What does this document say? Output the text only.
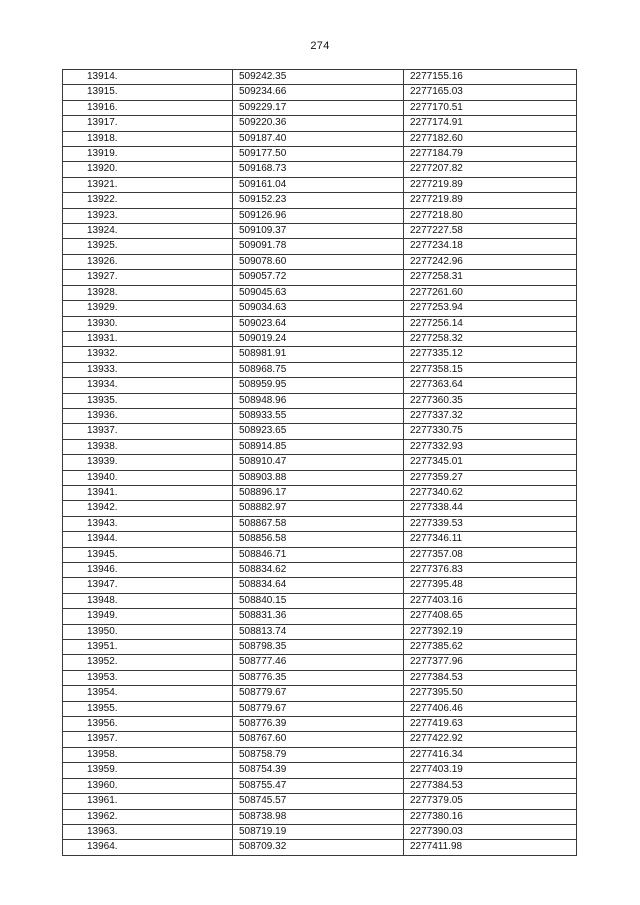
274
13914.	509242.35	2277155.16
13915.	509234.66	2277165.03
13916.	509229.17	2277170.51
13917.	509220.36	2277174.91
13918.	509187.40	2277182.60
13919.	509177.50	2277184.79
13920.	509168.73	2277207.82
13921.	509161.04	2277219.89
13922.	509152.23	2277219.89
13923.	509126.96	2277218.80
13924.	509109.37	2277227.58
13925.	509091.78	2277234.18
13926.	509078.60	2277242.96
13927.	509057.72	2277258.31
13928.	509045.63	2277261.60
13929.	509034.63	2277253.94
13930.	509023.64	2277256.14
13931.	509019.24	2277258.32
13932.	508981.91	2277335.12
13933.	508968.75	2277358.15
13934.	508959.95	2277363.64
13935.	508948.96	2277360.35
13936.	508933.55	2277337.32
13937.	508923.65	2277330.75
13938.	508914.85	2277332.93
13939.	508910.47	2277345.01
13940.	508903.88	2277359.27
13941.	508896.17	2277340.62
13942.	508882.97	2277338.44
13943.	508867.58	2277339.53
13944.	508856.58	2277346.11
13945.	508846.71	2277357.08
13946.	508834.62	2277376.83
13947.	508834.64	2277395.48
13948.	508840.15	2277403.16
13949.	508831.36	2277408.65
13950.	508813.74	2277392.19
13951.	508798.35	2277385.62
13952.	508777.46	2277377.96
13953.	508776.35	2277384.53
13954.	508779.67	2277395.50
13955.	508779.67	2277406.46
13956.	508776.39	2277419.63
13957.	508767.60	2277422.92
13958.	508758.79	2277416.34
13959.	508754.39	2277403.19
13960.	508755.47	2277384.53
13961.	508745.57	2277379.05
13962.	508738.98	2277380.16
13963.	508719.19	2277390.03
13964.	508709.32	2277411.98
